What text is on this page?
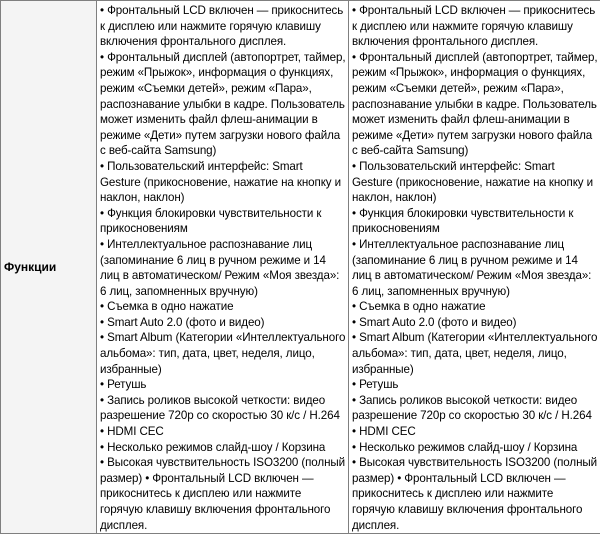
Функции

• Фронтальный LCD включен — прикоснитесь к дисплею или нажмите горячую клавишу включения фронтального дисплея.
• Фронтальный дисплей (автопортрет, таймер, режим «Прыжок», информация о функциях, режим «Съемки детей», режим «Пара», распознавание улыбки в кадре. Пользователь может изменить файл флеш-анимации в режиме «Дети» путем загрузки нового файла с веб-сайта Samsung)
• Пользовательский интерфейс: Smart Gesture (прикосновение, нажатие на кнопку и наклон, наклон)
• Функция блокировки чувствительности к прикосновениям
• Интеллектуальное распознавание лиц (запоминание 6 лиц в ручном режиме и 14 лиц в автоматическом/ Режим «Моя звезда»: 6 лиц, запомненных вручную)
• Съемка в одно нажатие
• Smart Auto 2.0 (фото и видео)
• Smart Album (Категории «Интеллектуального альбома»: тип, дата, цвет, неделя, лицо, избранные)
• Ретушь
• Запись роликов высокой четкости: видео разрешение 720p со скоростью 30 к/с / H.264
• HDMI CEC
• Несколько режимов слайд-шоу / Корзина
• Высокая чувствительность ISO3200 (полный размер) • Фронтальный LCD включен — прикоснитесь к дисплею или нажмите горячую клавишу включения фронтального дисплея.

• Фронтальный LCD включен — прикоснитесь к дисплею или нажмите горячую клавишу включения фронтального дисплея.
• Фронтальный дисплей (автопортрет, таймер, режим «Прыжок», информация о функциях, режим «Съемки детей», режим «Пара», распознавание улыбки в кадре. Пользователь может изменить файл флеш-анимации в режиме «Дети» путем загрузки нового файла с веб-сайта Samsung)
• Пользовательский интерфейс: Smart Gesture (прикосновение, нажатие на кнопку и наклон, наклон)
• Функция блокировки чувствительности к прикосновениям
• Интеллектуальное распознавание лиц (запоминание 6 лиц в ручном режиме и 14 лиц в автоматическом/ Режим «Моя звезда»: 6 лиц, запомненных вручную)
• Съемка в одно нажатие
• Smart Auto 2.0 (фото и видео)
• Smart Album (Категории «Интеллектуального альбома»: тип, дата, цвет, неделя, лицо, избранные)
• Ретушь
• Запись роликов высокой четкости: видео разрешение 720p со скоростью 30 к/с / H.264
• HDMI CEC
• Несколько режимов слайд-шоу / Корзина
• Высокая чувствительность ISO3200 (полный размер) • Фронтальный LCD включен — прикоснитесь к дисплею или нажмите горячую клавишу включения фронтального дисплея.
